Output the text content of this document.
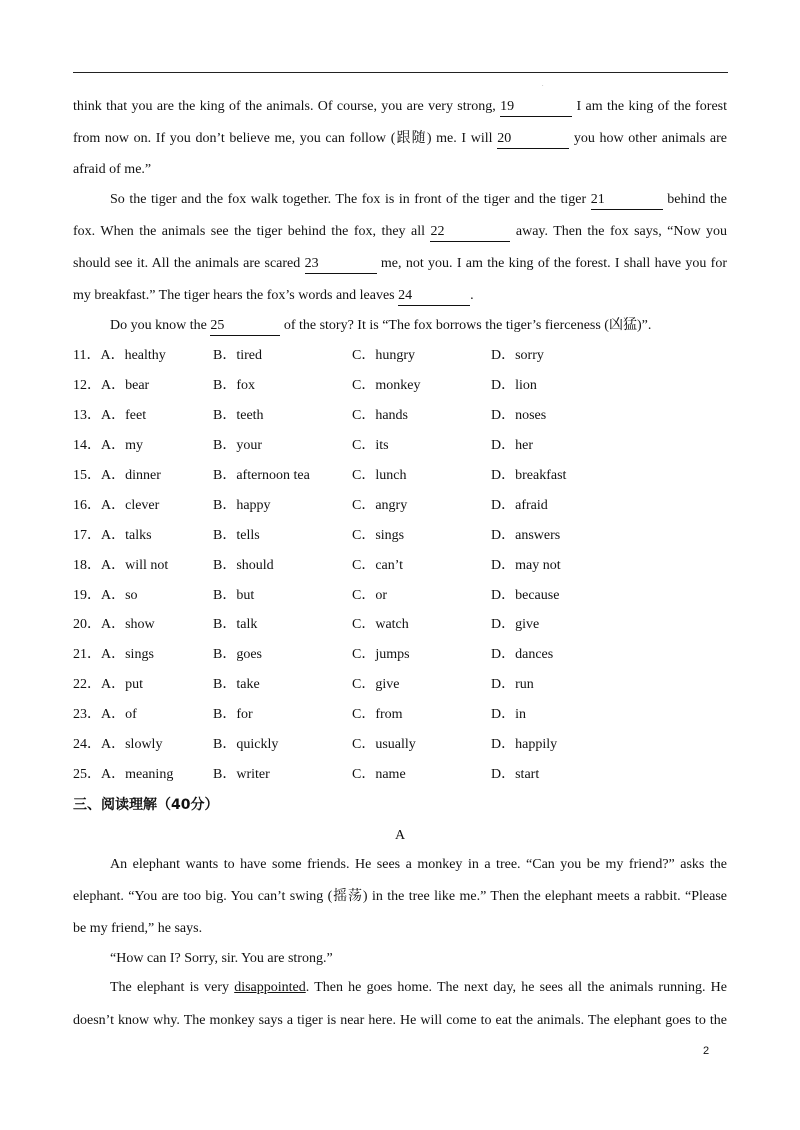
.
think that you are the king of the animals. Of course, you are very strong, 19	I am the king of the forest
from now on. If you don’t believe me, you can follow (跟随) me. I will 20	you how other animals are
afraid of me.”
So the tiger and the fox walk together. The fox is in front of the tiger and the tiger 21	behind the
fox. When the animals see the tiger behind the fox, they all 22	away. Then the fox says, “Now you
should see it. All the animals are scared 23	me, not you. I am the king of the forest. I shall have you for
my breakfast.” The tiger hears the fox’s words and leaves 24	.
Do you know the 25	of the story? It is “The fox borrows the tiger’s fierceness (凶猛)”.
11．A．healthy	B．tired	C．hungry	D．sorry
12．A．bear	B．fox	C．monkey	D．lion
13．A．feet	B．teeth	C．hands	D．noses
14．A．my	B．your	C．its	D．her
15．A．dinner	B．afternoon tea	C．lunch	D．breakfast
16．A．clever	B．happy	C．angry	D．afraid
17．A．talks	B．tells	C．sings	D．answers
18．A．will not	B．should	C．can’t	D．may not
19．A．so	B．but	C．or	D．because
20．A．show	B．talk	C．watch	D．give
21．A．sings	B．goes	C．jumps	D．dances
22．A．put	B．take	C．give	D．run
23．A．of	B．for	C．from	D．in
24．A．slowly	B．quickly	C．usually	D．happily
25．A．meaning	B．writer	C．name	D．start
三、阅读理解（40分）
A
An elephant wants to have some friends. He sees a monkey in a tree. “Can you be my friend?” asks the
elephant. “You are too big. You can’t swing (摇荡) in the tree like me.” Then the elephant meets a rabbit. “Please
be my friend,” he says.
“How can I? Sorry, sir. You are strong.”
The elephant is very disappointed. Then he goes home. The next day, he sees all the animals running. He
doesn’t know why. The monkey says a tiger is near here. He will come to eat the animals. The elephant goes to the
2
